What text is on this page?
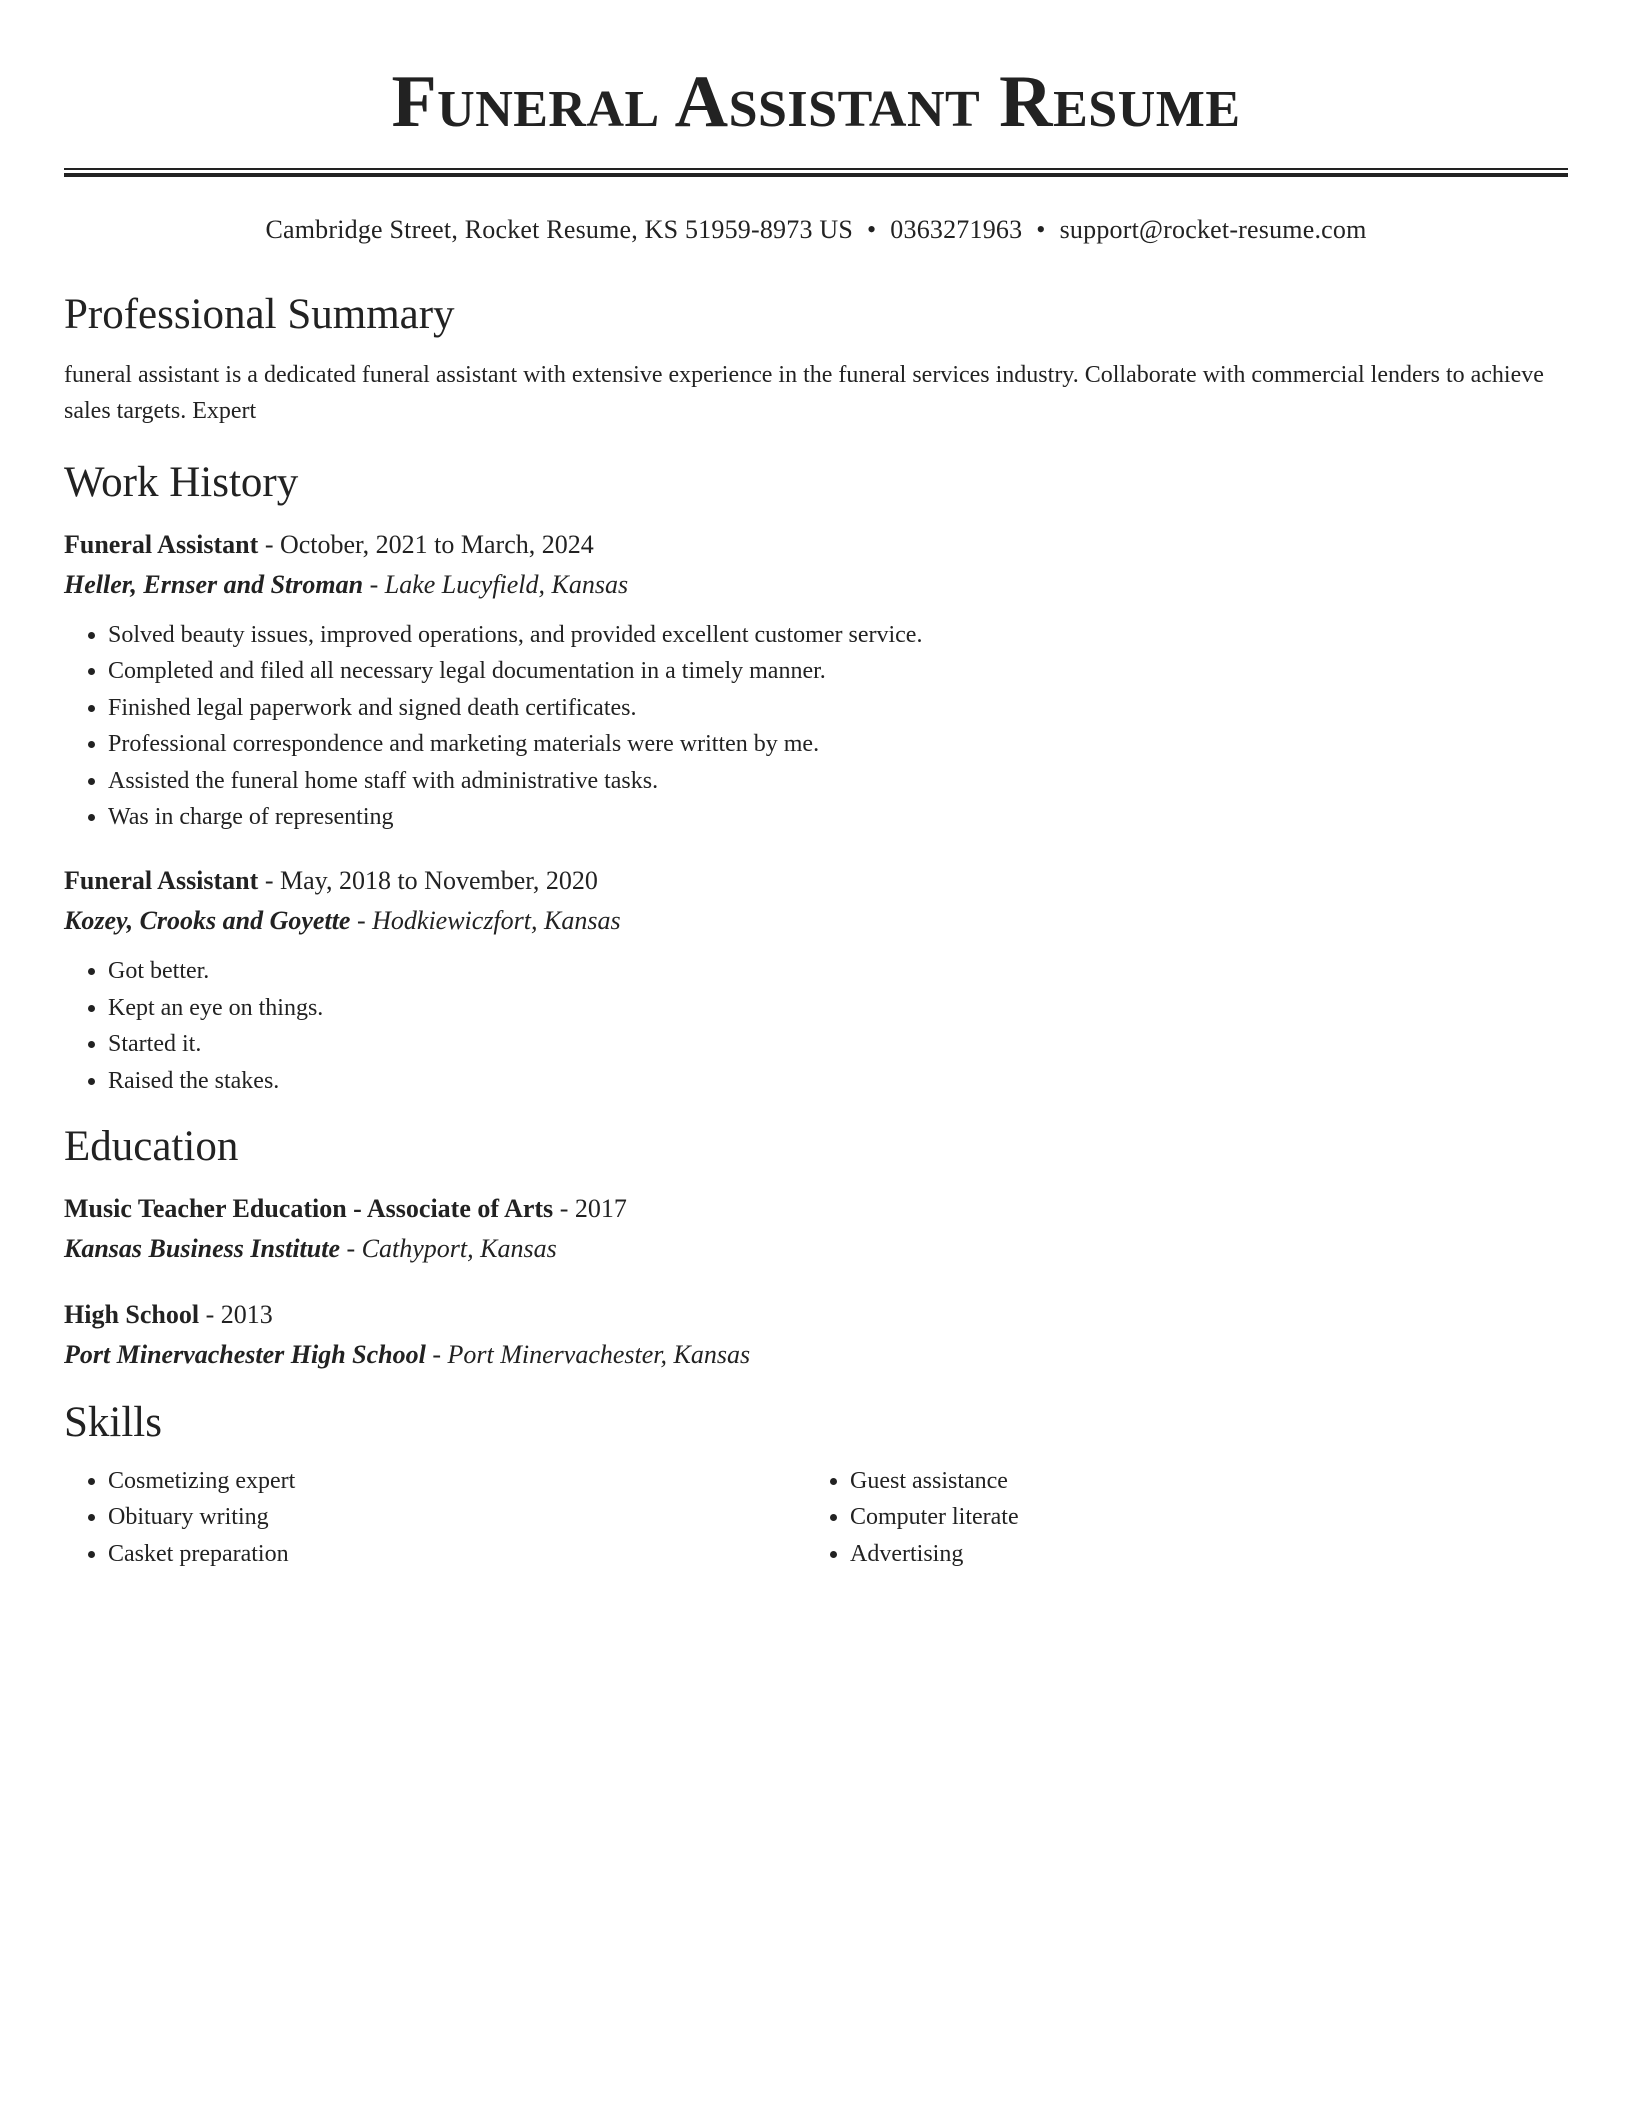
Funeral Assistant Resume
Cambridge Street, Rocket Resume, KS 51959-8973 US • 0363271963 • support@rocket-resume.com
Professional Summary
funeral assistant is a dedicated funeral assistant with extensive experience in the funeral services industry. Collaborate with commercial lenders to achieve sales targets. Expert
Work History
Funeral Assistant - October, 2021 to March, 2024
Heller, Ernser and Stroman - Lake Lucyfield, Kansas
• Solved beauty issues, improved operations, and provided excellent customer service.
• Completed and filed all necessary legal documentation in a timely manner.
• Finished legal paperwork and signed death certificates.
• Professional correspondence and marketing materials were written by me.
• Assisted the funeral home staff with administrative tasks.
• Was in charge of representing
Funeral Assistant - May, 2018 to November, 2020
Kozey, Crooks and Goyette - Hodkiewiczfort, Kansas
• Got better.
• Kept an eye on things.
• Started it.
• Raised the stakes.
Education
Music Teacher Education - Associate of Arts - 2017
Kansas Business Institute - Cathyport, Kansas
High School - 2013
Port Minervachester High School - Port Minervachester, Kansas
Skills
• Cosmetizing expert
• Obituary writing
• Casket preparation
• Guest assistance
• Computer literate
• Advertising
